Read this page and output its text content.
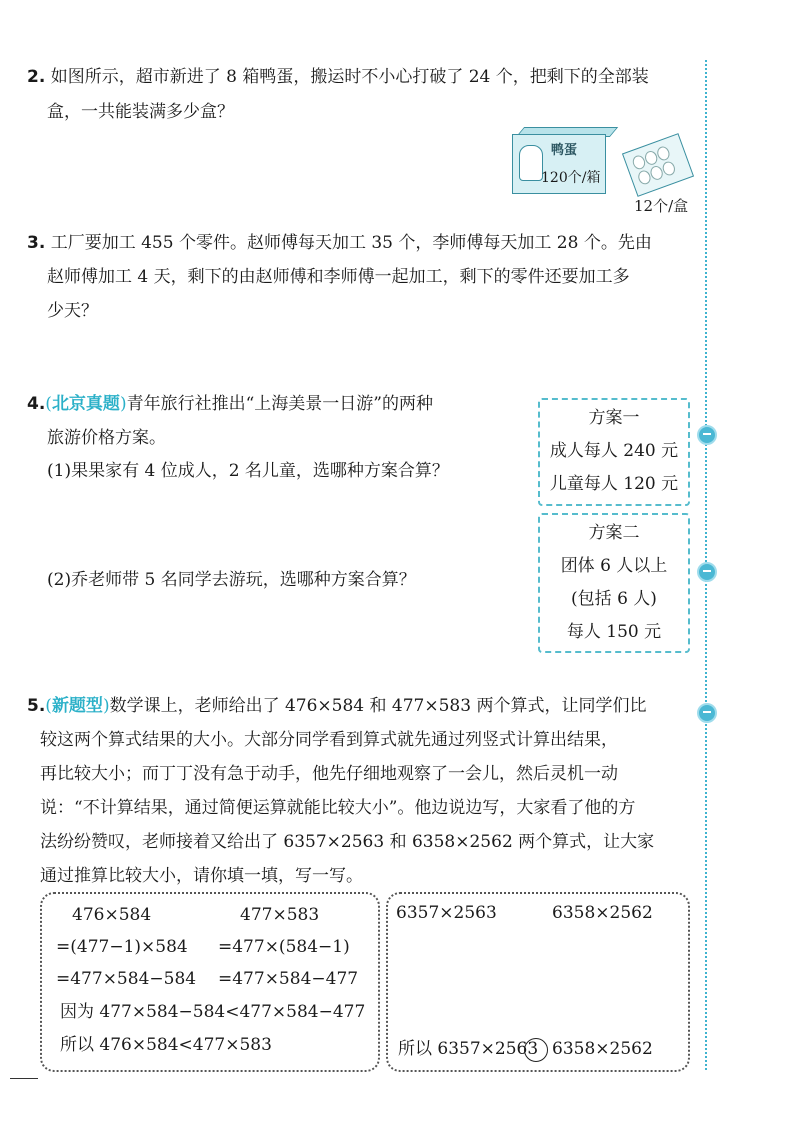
2. 如图所示，超市新进了 8 箱鸭蛋，搬运时不小心打破了 24 个，把剩下的全部装
盒，一共能装满多少盒？
鸭蛋
120个/箱
12个/盒
3. 工厂要加工 455 个零件。赵师傅每天加工 35 个，李师傅每天加工 28 个。先由
赵师傅加工 4 天，剩下的由赵师傅和李师傅一起加工，剩下的零件还要加工多
少天？
4.(北京真题)青年旅行社推出“上海美景一日游”的两种
旅游价格方案。
(1)果果家有 4 位成人，2 名儿童，选哪种方案合算？
(2)乔老师带 5 名同学去游玩，选哪种方案合算？
方案一
成人每人 240 元
儿童每人 120 元
方案二
团体 6 人以上
(包括 6 人)
每人 150 元
5.(新题型)数学课上，老师给出了 476×584 和 477×583 两个算式，让同学们比
较这两个算式结果的大小。大部分同学看到算式就先通过列竖式计算出结果，
再比较大小；而丁丁没有急于动手，他先仔细地观察了一会儿，然后灵机一动
说：“不计算结果，通过简便运算就能比较大小”。他边说边写，大家看了他的方
法纷纷赞叹，老师接着又给出了 6357×2563 和 6358×2562 两个算式，让大家
通过推算比较大小，请你填一填，写一写。
476×584	477×583
=(477−1)×584 =477×(584−1)
=477×584−584 =477×584−477
因为 477×584−584<477×584−477
所以 476×584<477×583
6357×2563	6358×2562
所以 6357×2563 6358×2562
